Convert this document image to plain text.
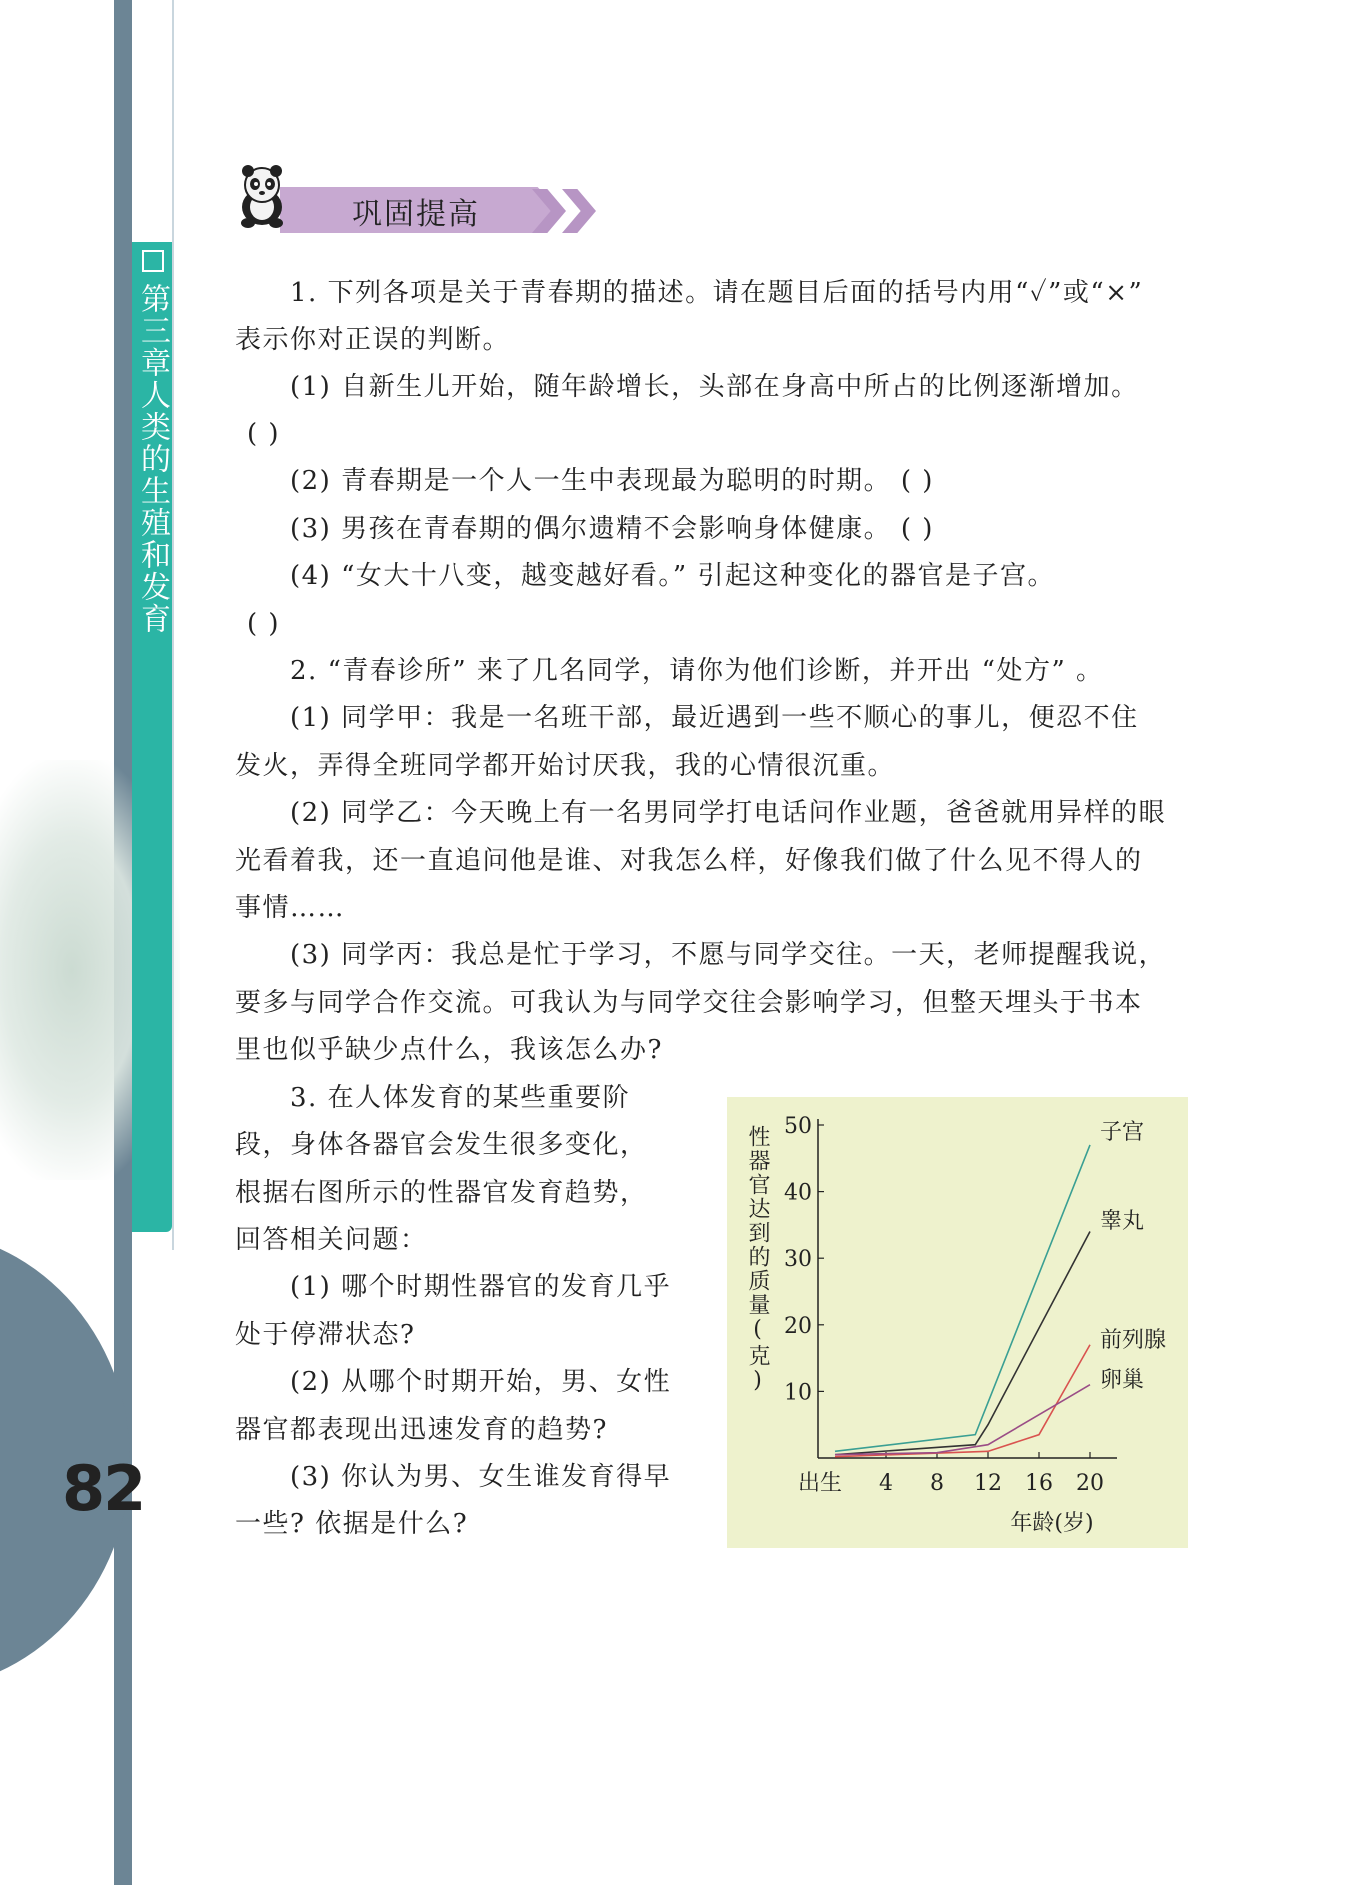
第三章人类的生殖和发育
82
巩固提高
1. 下列各项是关于青春期的描述。请在题目后面的括号内用“✓”或“×”
表示你对正误的判断。
(1) 自新生儿开始，随年龄增长，头部在身高中所占的比例逐渐增加。
( )
(2) 青春期是一个人一生中表现最为聪明的时期。 ( )
(3) 男孩在青春期的偶尔遗精不会影响身体健康。 ( )
(4) “女大十八变，越变越好看。” 引起这种变化的器官是子宫。
( )
2. “青春诊所” 来了几名同学，请你为他们诊断，并开出 “处方” 。
(1) 同学甲：我是一名班干部，最近遇到一些不顺心的事儿，便忍不住
发火，弄得全班同学都开始讨厌我，我的心情很沉重。
(2) 同学乙：今天晚上有一名男同学打电话问作业题，爸爸就用异样的眼
光看着我，还一直追问他是谁、对我怎么样，好像我们做了什么见不得人的
事情……
(3) 同学丙：我总是忙于学习，不愿与同学交往。一天，老师提醒我说，
要多与同学合作交流。可我认为与同学交往会影响学习，但整天埋头于书本
里也似乎缺少点什么，我该怎么办?
3. 在人体发育的某些重要阶
段，身体各器官会发生很多变化，
根据右图所示的性器官发育趋势，
回答相关问题：
(1) 哪个时期性器官的发育几乎
处于停滞状态?
(2) 从哪个时期开始，男、女性
器官都表现出迅速发育的趋势?
(3) 你认为男、女生谁发育得早
一些? 依据是什么?
性器官达到的质量(克) 10
20
30
40
50
出生 4 8 12 16 20
年龄(岁)
子宫
睾丸
前列腺
卵巢
